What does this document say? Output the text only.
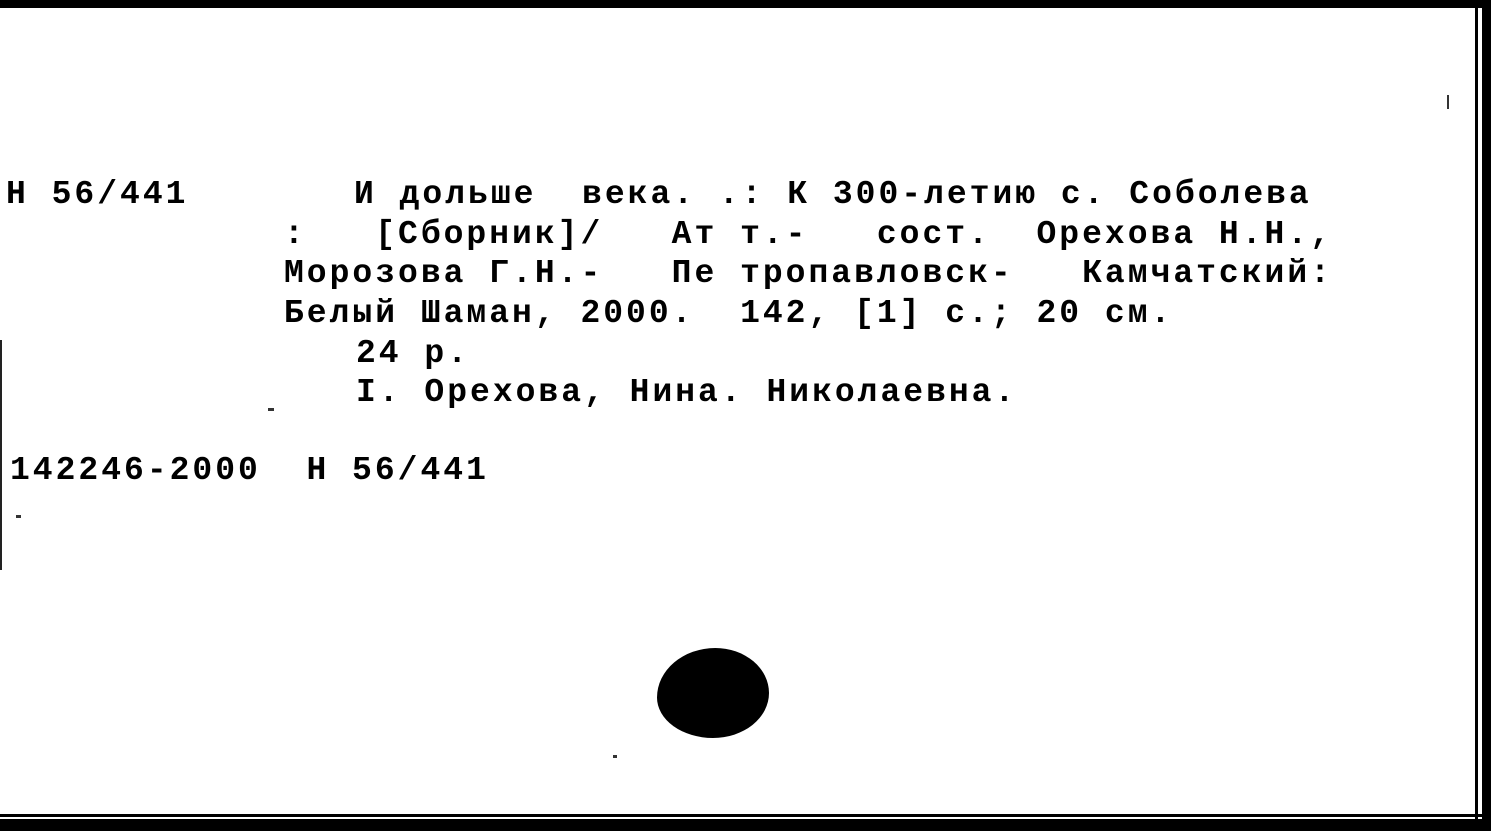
Н 56/441	И дольше  века. .: К 300-летию с. Соболева
:   [Сборник]/   Ат т.-   сост.  Орехова Н.Н.,
Морозова Г.Н.-   Пе тропавловск-   Камчатский:
Белый Шаман, 2000.  142, [1] с.; 20 см.
24 р.
I. Орехова, Нина. Николаевна.
142246-2000  Н 56/441
